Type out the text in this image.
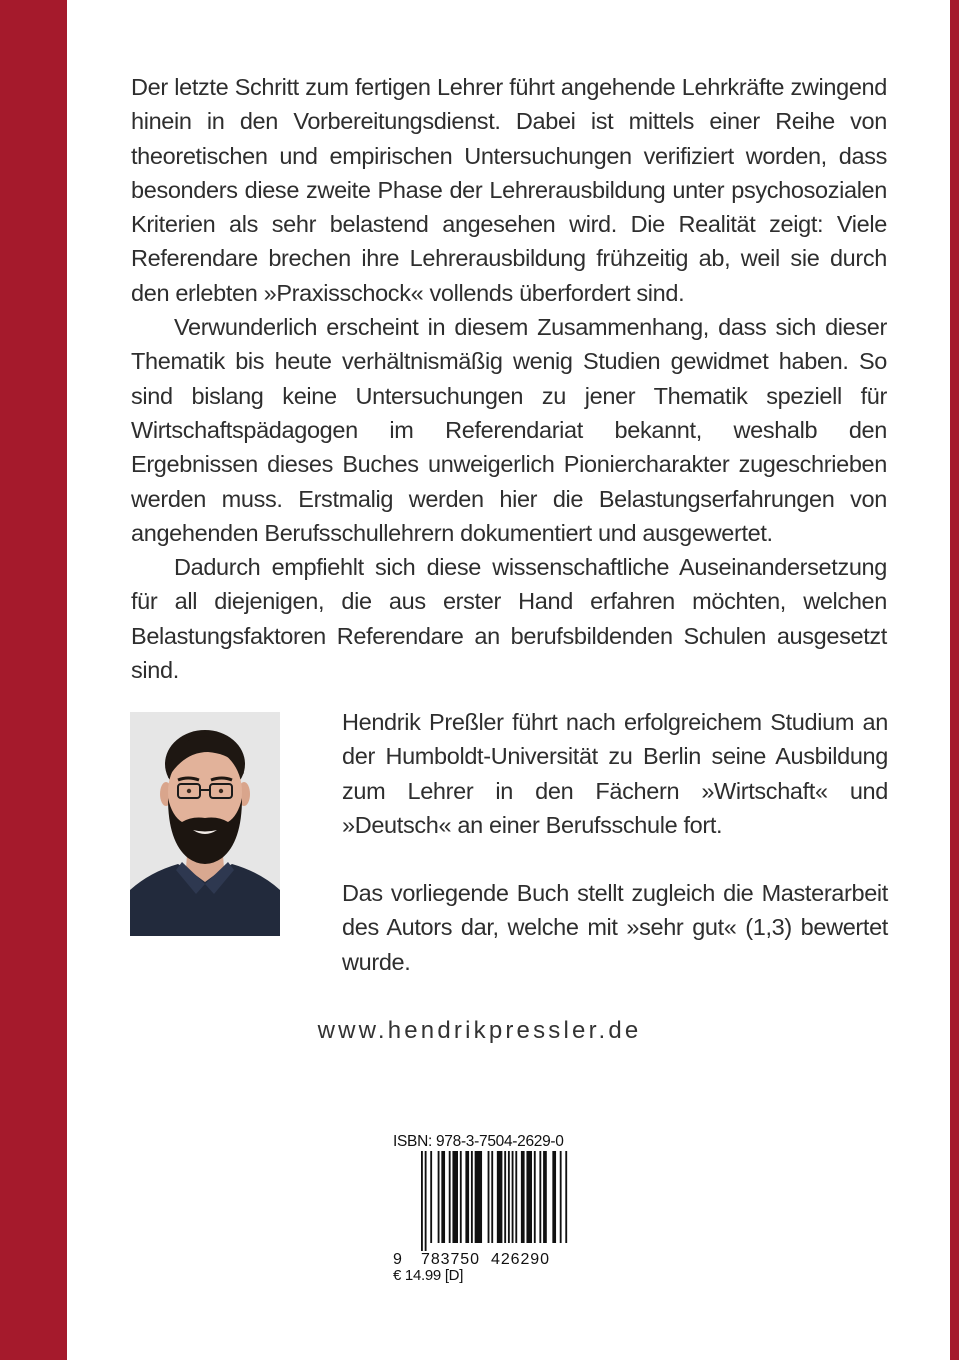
Der letzte Schritt zum fertigen Lehrer führt angehende Lehrkräfte zwingend hinein in den Vorbereitungsdienst. Dabei ist mittels einer Reihe von theoretischen und empirischen Untersuchungen verifiziert worden, dass besonders diese zweite Phase der Lehrerausbildung unter psychosozialen Kriterien als sehr belastend angesehen wird. Die Realität zeigt: Viele Referendare brechen ihre Lehrerausbildung frühzeitig ab, weil sie durch den erlebten »Praxisschock« vollends überfordert sind.

Verwunderlich erscheint in diesem Zusammenhang, dass sich dieser Thematik bis heute verhältnismäßig wenig Studien gewidmet haben. So sind bislang keine Untersuchungen zu jener Thematik speziell für Wirtschaftspädagogen im Referendariat bekannt, weshalb den Ergebnissen dieses Buches unweigerlich Pioniercharakter zugeschrieben werden muss. Erstmalig werden hier die Belastungserfahrungen von angehenden Berufsschullehrern dokumentiert und ausgewertet.

Dadurch empfiehlt sich diese wissenschaftliche Auseinandersetzung für all diejenigen, die aus erster Hand erfahren möchten, welchen Belastungsfaktoren Referendare an berufsbildenden Schulen ausgesetzt sind.

Hendrik Preßler führt nach erfolgreichem Studium an der Humboldt-Universität zu Berlin seine Ausbildung zum Lehrer in den Fächern »Wirtschaft« und »Deutsch« an einer Berufsschule fort.

Das vorliegende Buch stellt zugleich die Masterarbeit des Autors dar, welche mit »sehr gut« (1,3) bewertet wurde.

www.hendrikpressler.de
ISBN: 978-3-7504-2629-0
9 783750 426290
€ 14.99 [D]
